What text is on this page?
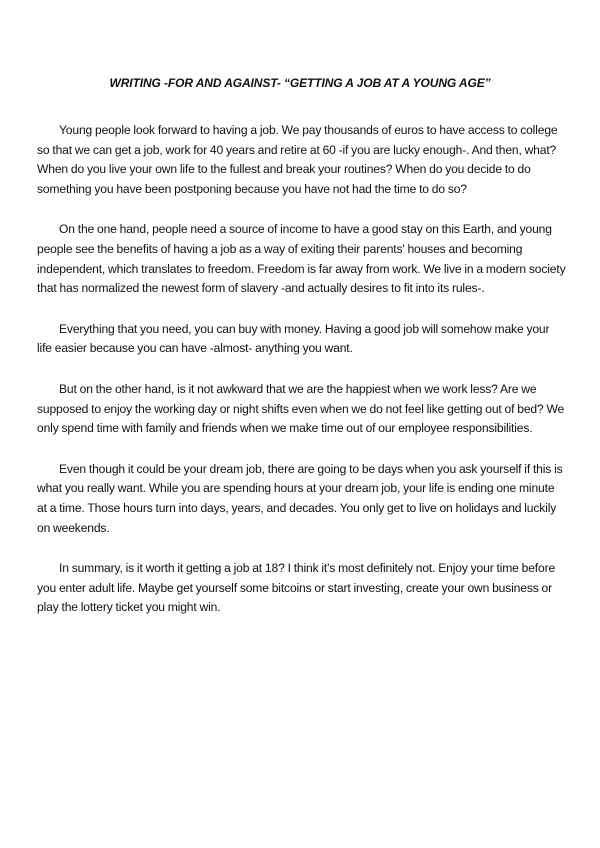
WRITING -FOR AND AGAINST- “GETTING A JOB AT A YOUNG AGE”

Young people look forward to having a job. We pay thousands of euros to have access to college so that we can get a job, work for 40 years and retire at 60 -if you are lucky enough-. And then, what? When do you live your own life to the fullest and break your routines? When do you decide to do something you have been postponing because you have not had the time to do so?

On the one hand, people need a source of income to have a good stay on this Earth, and young people see the benefits of having a job as a way of exiting their parents' houses and becoming independent, which translates to freedom. Freedom is far away from work. We live in a modern society that has normalized the newest form of slavery -and actually desires to fit into its rules-.

Everything that you need, you can buy with money. Having a good job will somehow make your life easier because you can have -almost- anything you want.

But on the other hand, is it not awkward that we are the happiest when we work less? Are we supposed to enjoy the working day or night shifts even when we do not feel like getting out of bed? We only spend time with family and friends when we make time out of our employee responsibilities.

Even though it could be your dream job, there are going to be days when you ask yourself if this is what you really want. While you are spending hours at your dream job, your life is ending one minute at a time. Those hours turn into days, years, and decades. You only get to live on holidays and luckily on weekends.

In summary, is it worth it getting a job at 18? I think it's most definitely not. Enjoy your time before you enter adult life. Maybe get yourself some bitcoins or start investing, create your own business or play the lottery ticket you might win.
